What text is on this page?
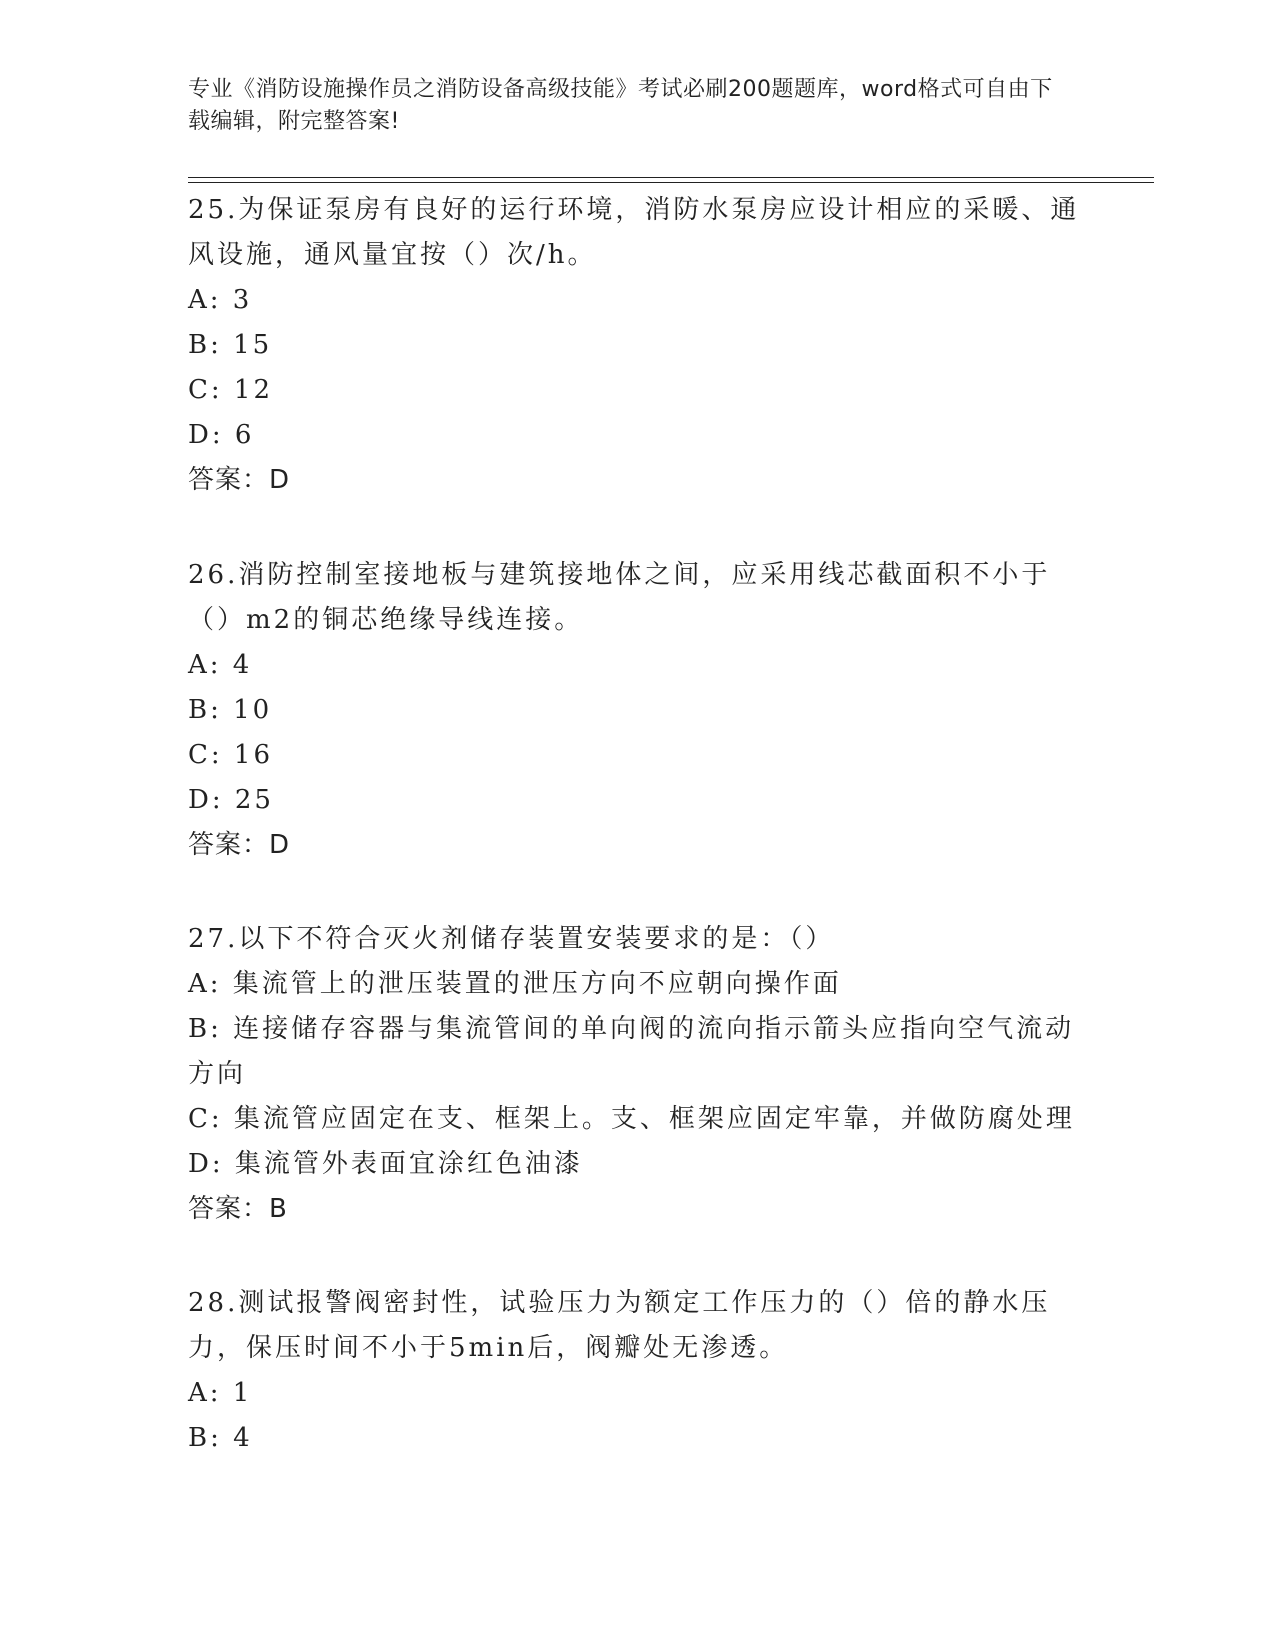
专业《消防设施操作员之消防设备高级技能》考试必刷200题题库，word格式可自由下载编辑，附完整答案!

25.为保证泵房有良好的运行环境，消防水泵房应设计相应的采暖、通风设施，通风量宜按（）次/h。

A: 3

B: 15

C: 12

D: 6

答案：D

26.消防控制室接地板与建筑接地体之间，应采用线芯截面积不小于（）m2的铜芯绝缘导线连接。

A: 4

B: 10

C: 16

D: 25

答案：D

27.以下不符合灭火剂储存装置安装要求的是：（）

A: 集流管上的泄压装置的泄压方向不应朝向操作面

B: 连接储存容器与集流管间的单向阀的流向指示箭头应指向空气流动方向

C: 集流管应固定在支、框架上。支、框架应固定牢靠，并做防腐处理

D: 集流管外表面宜涂红色油漆

答案：B

28.测试报警阀密封性，试验压力为额定工作压力的（）倍的静水压力，保压时间不小于5min后，阀瓣处无渗透。

A: 1

B: 4
